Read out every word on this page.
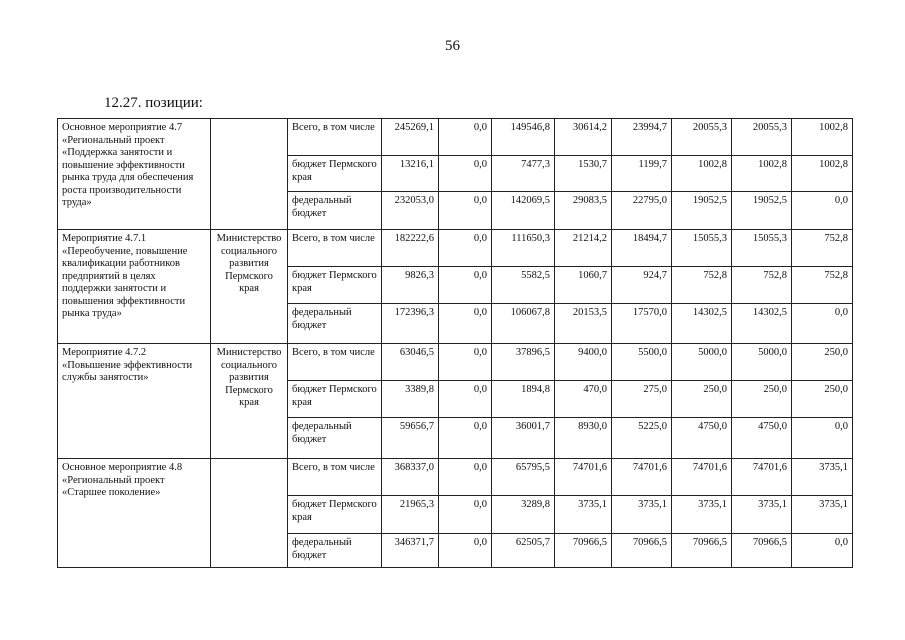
56
12.27. позиции:
Основное мероприятие 4.7 «Региональный проект «Поддержка занятости и повышение эффективности рынка труда для обеспечения роста производительности труда»		Всего, в том числе	245269,1	0,0	149546,8	30614,2	23994,7	20055,3	20055,3	1002,8
		бюджет Пермского края	13216,1	0,0	7477,3	1530,7	1199,7	1002,8	1002,8	1002,8
		федеральный бюджет	232053,0	0,0	142069,5	29083,5	22795,0	19052,5	19052,5	0,0
Мероприятие 4.7.1 «Переобучение, повышение квалификации работников предприятий в целях поддержки занятости и повышения эффективности рынка труда»	Министерство социального развития Пермского края	Всего, в том числе	182222,6	0,0	111650,3	21214,2	18494,7	15055,3	15055,3	752,8
		бюджет Пермского края	9826,3	0,0	5582,5	1060,7	924,7	752,8	752,8	752,8
		федеральный бюджет	172396,3	0,0	106067,8	20153,5	17570,0	14302,5	14302,5	0,0
Мероприятие 4.7.2 «Повышение эффективности службы занятости»	Министерство социального развития Пермского края	Всего, в том числе	63046,5	0,0	37896,5	9400,0	5500,0	5000,0	5000,0	250,0
		бюджет Пермского края	3389,8	0,0	1894,8	470,0	275,0	250,0	250,0	250,0
		федеральный бюджет	59656,7	0,0	36001,7	8930,0	5225,0	4750,0	4750,0	0,0
Основное мероприятие 4.8 «Региональный проект «Старшее поколение»		Всего, в том числе	368337,0	0,0	65795,5	74701,6	74701,6	74701,6	74701,6	3735,1
		бюджет Пермского края	21965,3	0,0	3289,8	3735,1	3735,1	3735,1	3735,1	3735,1
		федеральный бюджет	346371,7	0,0	62505,7	70966,5	70966,5	70966,5	70966,5	0,0
